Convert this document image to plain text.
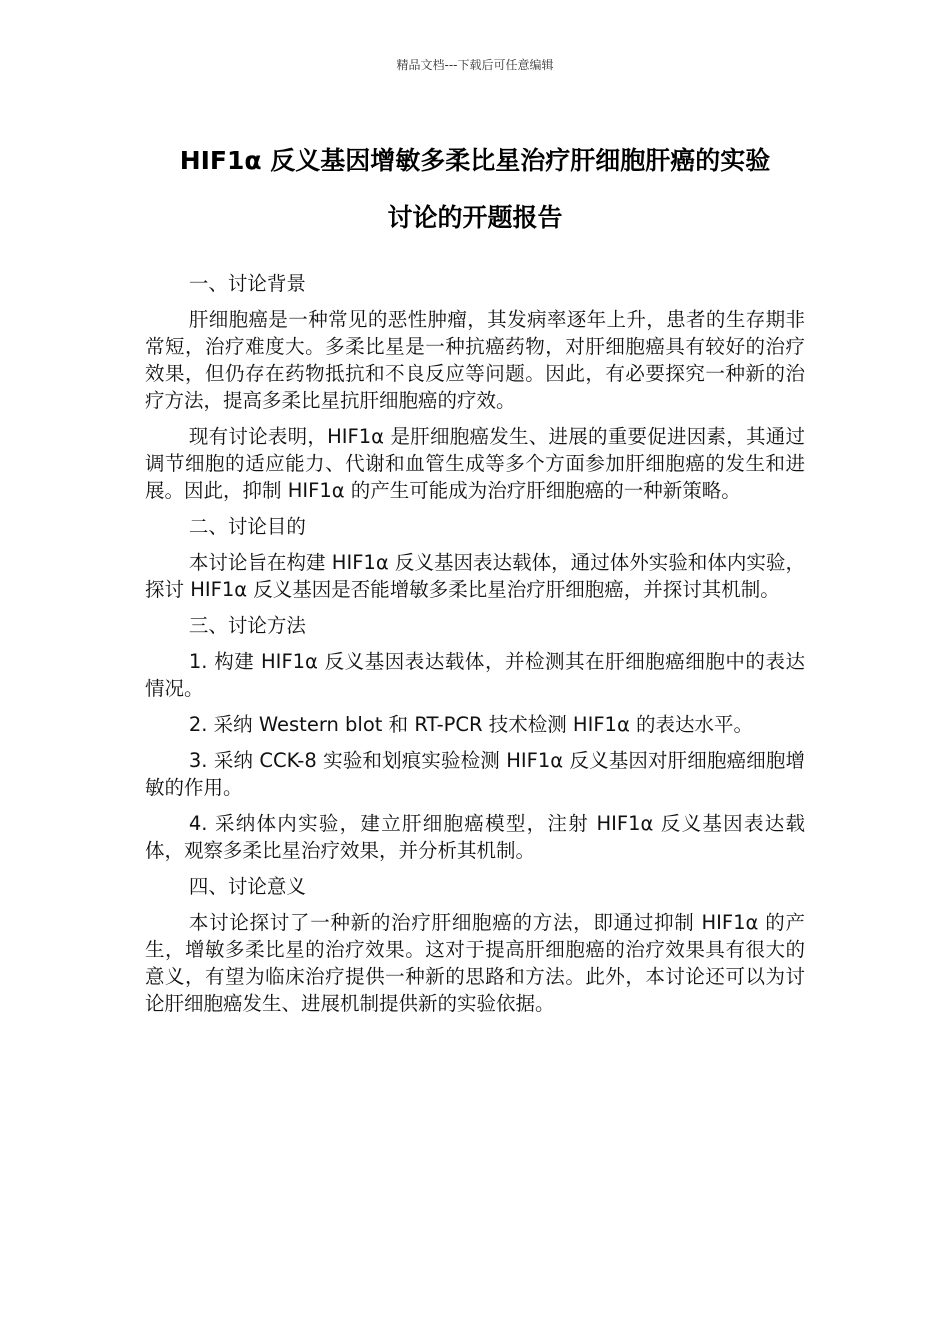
精品文档---下载后可任意编辑
HIF1α 反义基因增敏多柔比星治疗肝细胞肝癌的实验
讨论的开题报告

一、讨论背景

肝细胞癌是一种常见的恶性肿瘤，其发病率逐年上升，患者的生存期非常短，治疗难度大。多柔比星是一种抗癌药物，对肝细胞癌具有较好的治疗效果，但仍存在药物抵抗和不良反应等问题。因此，有必要探究一种新的治疗方法，提高多柔比星抗肝细胞癌的疗效。

现有讨论表明，HIF1α 是肝细胞癌发生、进展的重要促进因素，其通过调节细胞的适应能力、代谢和血管生成等多个方面参加肝细胞癌的发生和进展。因此，抑制 HIF1α 的产生可能成为治疗肝细胞癌的一种新策略。

二、讨论目的

本讨论旨在构建 HIF1α 反义基因表达载体，通过体外实验和体内实验，探讨 HIF1α 反义基因是否能增敏多柔比星治疗肝细胞癌，并探讨其机制。

三、讨论方法

1. 构建 HIF1α 反义基因表达载体，并检测其在肝细胞癌细胞中的表达情况。

2. 采纳 Western blot 和 RT-PCR 技术检测 HIF1α 的表达水平。

3. 采纳 CCK-8 实验和划痕实验检测 HIF1α 反义基因对肝细胞癌细胞增敏的作用。

4. 采纳体内实验，建立肝细胞癌模型，注射 HIF1α 反义基因表达载体，观察多柔比星治疗效果，并分析其机制。

四、讨论意义

本讨论探讨了一种新的治疗肝细胞癌的方法，即通过抑制 HIF1α 的产生，增敏多柔比星的治疗效果。这对于提高肝细胞癌的治疗效果具有很大的意义，有望为临床治疗提供一种新的思路和方法。此外，本讨论还可以为讨论肝细胞癌发生、进展机制提供新的实验依据。
